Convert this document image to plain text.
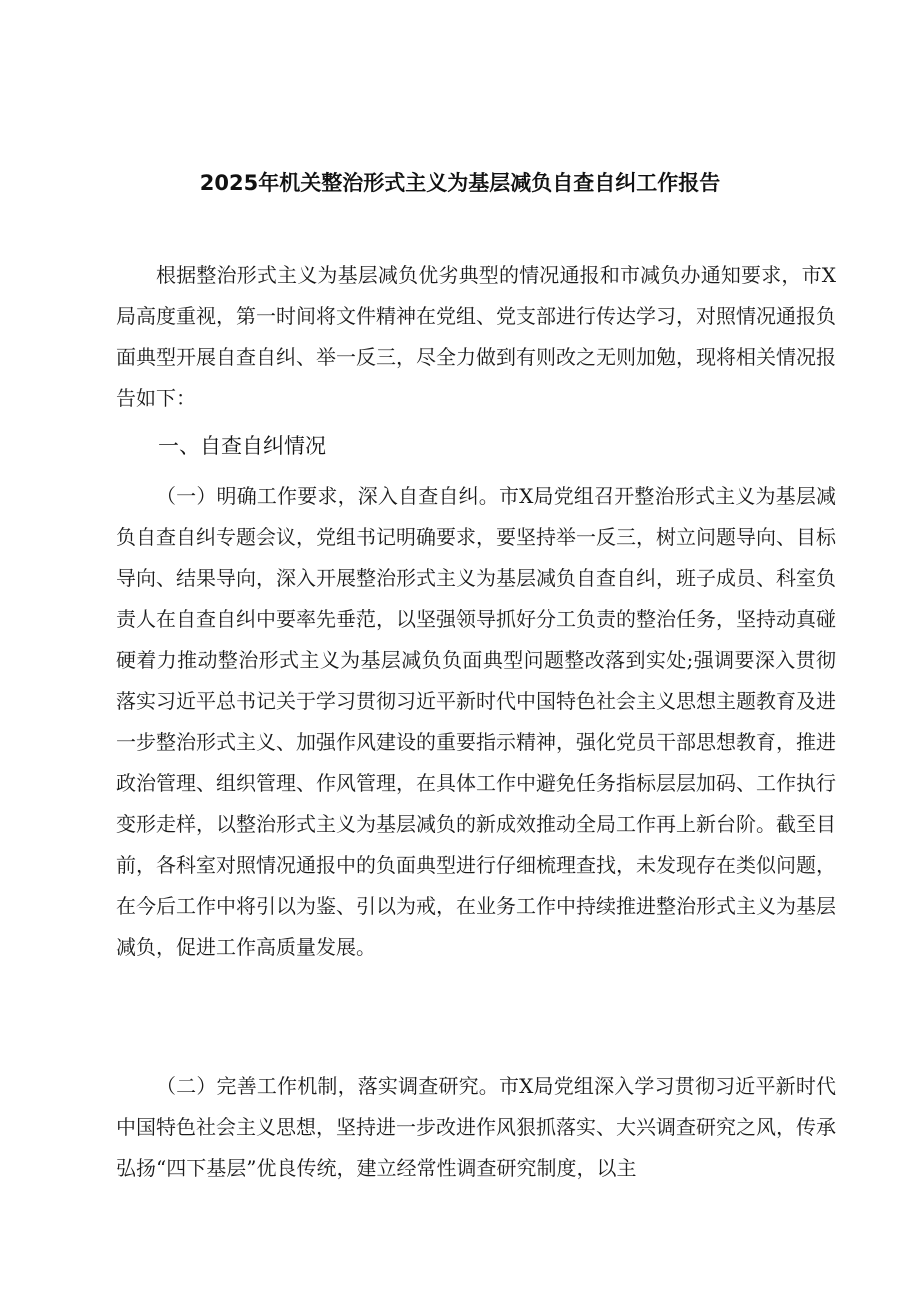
2025年机关整治形式主义为基层减负自查自纠工作报告
根据整治形式主义为基层减负优劣典型的情况通报和市减负办通知要求，市X局高度重视，第一时间将文件精神在党组、党支部进行传达学习，对照情况通报负面典型开展自查自纠、举一反三，尽全力做到有则改之无则加勉，现将相关情况报告如下：
一、自查自纠情况
（一）明确工作要求，深入自查自纠。市X局党组召开整治形式主义为基层减负自查自纠专题会议，党组书记明确要求，要坚持举一反三，树立问题导向、目标导向、结果导向，深入开展整治形式主义为基层减负自查自纠，班子成员、科室负责人在自查自纠中要率先垂范，以坚强领导抓好分工负责的整治任务，坚持动真碰硬着力推动整治形式主义为基层减负负面典型问题整改落到实处;强调要深入贯彻落实习近平总书记关于学习贯彻习近平新时代中国特色社会主义思想主题教育及进一步整治形式主义、加强作风建设的重要指示精神，强化党员干部思想教育，推进政治管理、组织管理、作风管理，在具体工作中避免任务指标层层加码、工作执行变形走样，以整治形式主义为基层减负的新成效推动全局工作再上新台阶。截至目前，各科室对照情况通报中的负面典型进行仔细梳理查找，未发现存在类似问题，在今后工作中将引以为鉴、引以为戒，在业务工作中持续推进整治形式主义为基层减负，促进工作高质量发展。
（二）完善工作机制，落实调查研究。市X局党组深入学习贯彻习近平新时代中国特色社会主义思想，坚持进一步改进作风狠抓落实、大兴调查研究之风，传承弘扬“四下基层”优良传统，建立经常性调查研究制度，以主
